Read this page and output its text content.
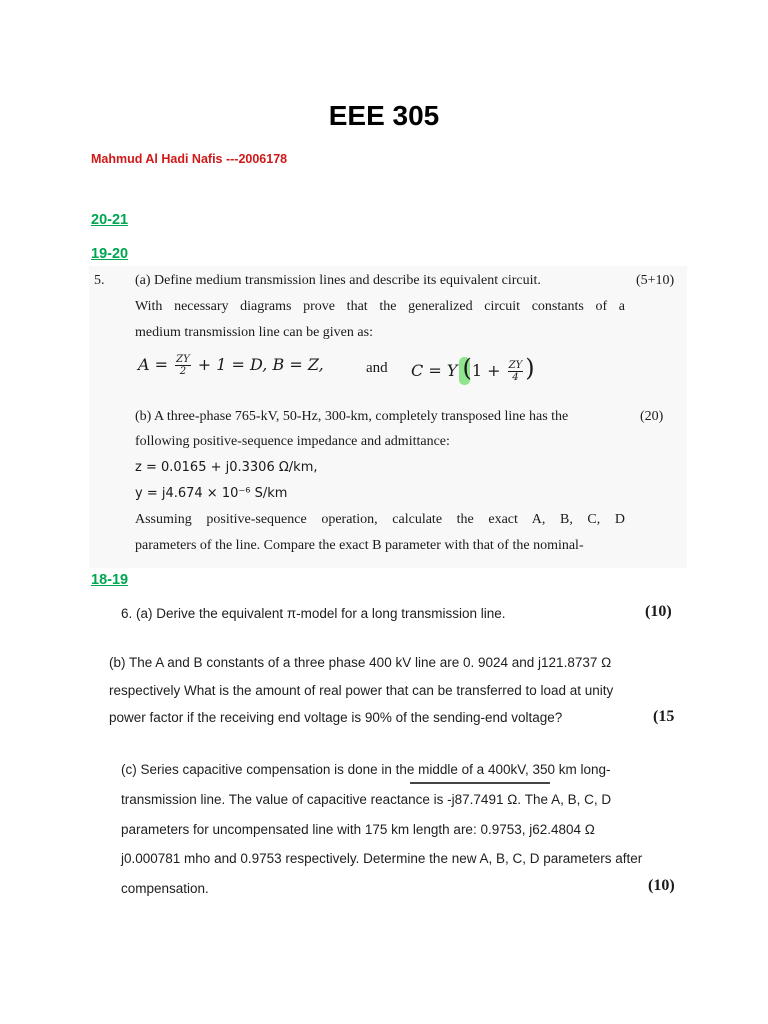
EEE 305
Mahmud Al Hadi Nafis ---2006178
20-21
19-20
5. (a) Define medium transmission lines and describe its equivalent circuit.	(5+10)
With necessary diagrams prove that the generalized circuit constants of a
medium transmission line can be given as:
$A = \frac{ZY}{2} + 1 = D$, B = Z,	and C = Y ($1 + \frac{ZY}{4}$ )
(b) A three-phase 765-kV, 50-Hz, 300-km, completely transposed line has the	(20)
following positive-sequence impedance and admittance:
z = 0.0165 + j0.3306 Ω/km,
y = j4.674 × 10⁻⁶ S/km
Assuming positive-sequence operation, calculate the exact A, B, C, D
parameters of the line. Compare the exact B parameter with that of the nominal-
18-19
6. (a) Derive the equivalent π-model for a long transmission line.	(10)
(b) The A and B constants of a three phase 400 kV line are 0. 9024 and j121.8737 Ω
respectively What is the amount of real power that can be transferred to load at unity
power factor if the receiving end voltage is 90% of the sending-end voltage?	(15
(c) Series capacitive compensation is done in the middle of a 400kV, 350 km long-
transmission line. The value of capacitive reactance is -j87.7491 Ω. The A, B, C, D
parameters for uncompensated line with 175 km length are: 0.9753, j62.4804 Ω
j0.000781 mho and 0.9753 respectively. Determine the new A, B, C, D parameters after
compensation.	(10)
